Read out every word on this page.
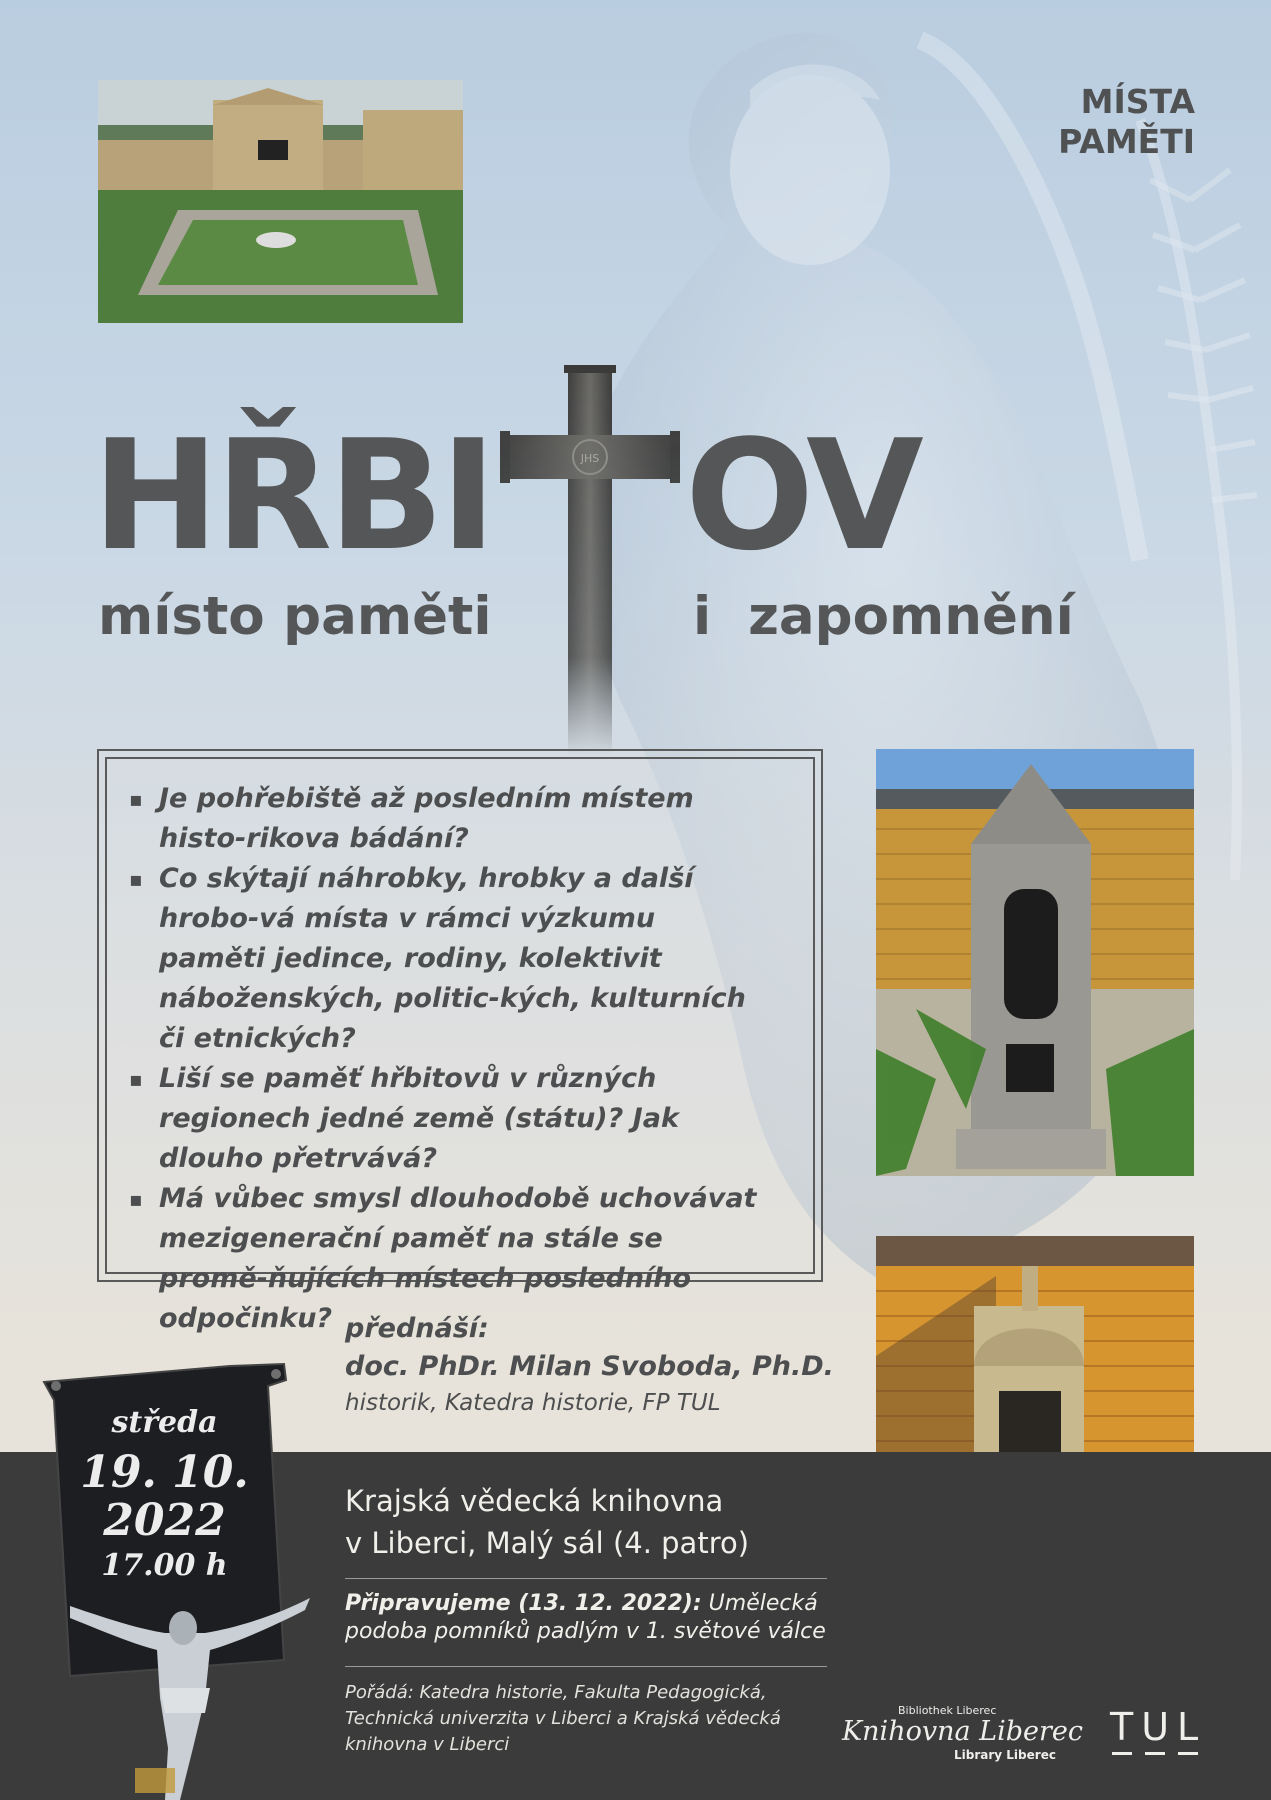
MÍSTA
PAMĚTI
HŘBI OV
JHS
místo paměti	i  zapomnění
▪ Je pohřebiště až posledním místem histo-rikova bádání?
▪ Co skýtají náhrobky, hrobky a další hrobo-vá místa v rámci výzkumu paměti jedince, rodiny, kolektivit náboženských, politic-kých, kulturních či etnických?
▪ Liší se paměť hřbitovů v různých regionech jedné země (státu)? Jak dlouho přetrvává?
▪ Má vůbec smysl dlouhodobě uchovávat mezigenerační paměť na stále se promě-ňujících místech posledního odpočinku? přednáší:
doc. PhDr. Milan Svoboda, Ph.D.
historik, Katedra historie, FP TUL
středa
19. 10.
2022
17.00 h
Krajská vědecká knihovna
v Liberci, Malý sál (4. patro)
Připravujeme (13. 12. 2022): Umělecká podoba pomníků padlým v 1. světové válce
Pořádá: Katedra historie, Fakulta Pedagogická, Technická univerzita v Liberci a Krajská vědecká knihovna v Liberci
Bibliothek Liberec
Knihovna Liberec
Library Liberec
TUL
